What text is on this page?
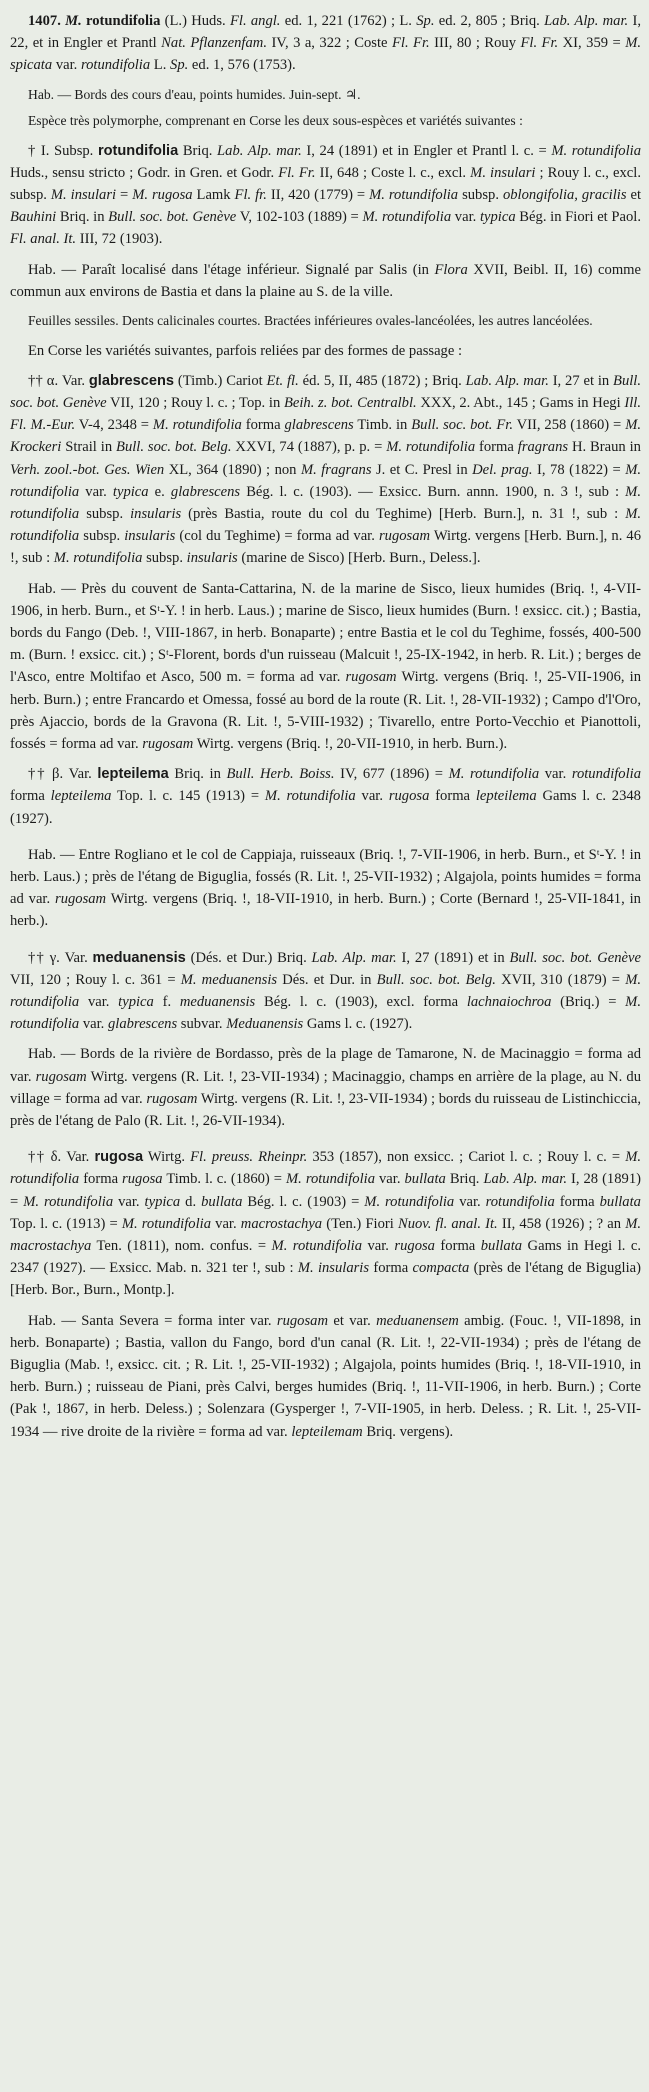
1407. M. rotundifolia (L.) Huds. Fl. angl. ed. 1, 221 (1762) ; L. Sp. ed. 2, 805 ; Briq. Lab. Alp. mar. I, 22, et in Engler et Prantl Nat. Pflanzenfam. IV, 3 a, 322 ; Coste Fl. Fr. III, 80 ; Rouy Fl. Fr. XI, 359 = M. spicata var. rotundifolia L. Sp. ed. 1, 576 (1753).

Hab. — Bords des cours d'eau, points humides. Juin-sept. ♃.

Espèce très polymorphe, comprenant en Corse les deux sous-espèces et variétés suivantes :

† I. Subsp. rotundifolia Briq. Lab. Alp. mar. I, 24 (1891) et in Engler et Prantl l. c. = M. rotundifolia Huds., sensu stricto ; Godr. in Gren. et Godr. Fl. Fr. II, 648 ; Coste l. c., excl. M. insulari ; Rouy l. c., excl. subsp. M. insulari = M. rugosa Lamk Fl. fr. II, 420 (1779) = M. rotundifolia subsp. oblongifolia, gracilis et Bauhini Briq. in Bull. soc. bot. Genève V, 102-103 (1889) = M. rotundifolia var. typica Bég. in Fiori et Paol. Fl. anal. It. III, 72 (1903).

Hab. — Paraît localisé dans l'étage inférieur. Signalé par Salis (in Flora XVII, Beibl. II, 16) comme commun aux environs de Bastia et dans la plaine au S. de la ville.

Feuilles sessiles. Dents calicinales courtes. Bractées inférieures ovales-lancéolées, les autres lancéolées.

En Corse les variétés suivantes, parfois reliées par des formes de passage :

†† α. Var. glabrescens (Timb.) Cariot Et. fl. éd. 5, II, 485 (1872) ; Briq. Lab. Alp. mar. I, 27 et in Bull. soc. bot. Genève VII, 120 ; Rouy l. c. ; Top. in Beih. z. bot. Centralbl. XXX, 2. Abt., 145 ; Gams in Hegi Ill. Fl. M.-Eur. V-4, 2348 = M. rotundifolia forma glabrescens Timb. in Bull. soc. bot. Fr. VII, 258 (1860) = M. Krockeri Strail in Bull. soc. bot. Belg. XXVI, 74 (1887), p. p. = M. rotundifolia forma fragrans H. Braun in Verh. zool.-bot. Ges. Wien XL, 364 (1890) ; non M. fragrans J. et C. Presl in Del. prag. I, 78 (1822) = M. rotundifolia var. typica e. glabrescens Bég. l. c. (1903). — Exsicc. Burn. annn. 1900, n. 3 !, sub : M. rotundifolia subsp. insularis (près Bastia, route du col du Teghime) [Herb. Burn.], n. 31 !, sub : M. rotundifolia subsp. insularis (col du Teghime) = forma ad var. rugosam Wirtg. vergens [Herb. Burn.], n. 46 !, sub : M. rotundifolia subsp. insularis (marine de Sisco) [Herb. Burn., Deless.].

Hab. — Près du couvent de Santa-Cattarina, N. de la marine de Sisco, lieux humides (Briq. !, 4-VII-1906, in herb. Burn., et Sᵗ-Y. ! in herb. Laus.) ; marine de Sisco, lieux humides (Burn. ! exsicc. cit.) ; Bastia, bords du Fango (Deb. !, VIII-1867, in herb. Bonaparte) ; entre Bastia et le col du Teghime, fossés, 400-500 m. (Burn. ! exsicc. cit.) ; Sᵗ-Florent, bords d'un ruisseau (Malcuit !, 25-IX-1942, in herb. R. Lit.) ; berges de l'Asco, entre Moltifao et Asco, 500 m. = forma ad var. rugosam Wirtg. vergens (Briq. !, 25-VII-1906, in herb. Burn.) ; entre Francardo et Omessa, fossé au bord de la route (R. Lit. !, 28-VII-1932) ; Campo d'l'Oro, près Ajaccio, bords de la Gravona (R. Lit. !, 5-VIII-1932) ; Tivarello, entre Porto-Vecchio et Pianottoli, fossés = forma ad var. rugosam Wirtg. vergens (Briq. !, 20-VII-1910, in herb. Burn.).

†† β. Var. lepteilema Briq. in Bull. Herb. Boiss. IV, 677 (1896) = M. rotundifolia var. rotundifolia forma lepteilema Top. l. c. 145 (1913) = M. rotundifolia var. rugosa forma lepteilema Gams l. c. 2348 (1927).

Hab. — Entre Rogliano et le col de Cappiaja, ruisseaux (Briq. !, 7-VII-1906, in herb. Burn., et Sᵗ-Y. ! in herb. Laus.) ; près de l'étang de Biguglia, fossés (R. Lit. !, 25-VII-1932) ; Algajola, points humides = forma ad var. rugosam Wirtg. vergens (Briq. !, 18-VII-1910, in herb. Burn.) ; Corte (Bernard !, 25-VII-1841, in herb.).

†† γ. Var. meduanensis (Dés. et Dur.) Briq. Lab. Alp. mar. I, 27 (1891) et in Bull. soc. bot. Genève VII, 120 ; Rouy l. c. 361 = M. meduanensis Dés. et Dur. in Bull. soc. bot. Belg. XVII, 310 (1879) = M. rotundifolia var. typica f. meduanensis Bég. l. c. (1903), excl. forma lachnaiochroa (Briq.) = M. rotundifolia var. glabrescens subvar. Meduanensis Gams l. c. (1927).

Hab. — Bords de la rivière de Bordasso, près de la plage de Tamarone, N. de Macinaggio = forma ad var. rugosam Wirtg. vergens (R. Lit. !, 23-VII-1934) ; Macinaggio, champs en arrière de la plage, au N. du village = forma ad var. rugosam Wirtg. vergens (R. Lit. !, 23-VII-1934) ; bords du ruisseau de Listinchiccia, près de l'étang de Palo (R. Lit. !, 26-VII-1934).

†† δ. Var. rugosa Wirtg. Fl. preuss. Rheinpr. 353 (1857), non exsicc. ; Cariot l. c. ; Rouy l. c. = M. rotundifolia forma rugosa Timb. l. c. (1860) = M. rotundifolia var. bullata Briq. Lab. Alp. mar. I, 28 (1891) = M. rotundifolia var. typica d. bullata Bég. l. c. (1903) = M. rotundifolia var. rotundifolia forma bullata Top. l. c. (1913) = M. rotundifolia var. macrostachya (Ten.) Fiori Nuov. fl. anal. It. II, 458 (1926) ; ? an M. macrostachya Ten. (1811), nom. confus. = M. rotundifolia var. rugosa forma bullata Gams in Hegi l. c. 2347 (1927). — Exsicc. Mab. n. 321 ter !, sub : M. insularis forma compacta (près de l'étang de Biguglia) [Herb. Bor., Burn., Montp.].

Hab. — Santa Severa = forma inter var. rugosam et var. meduanensem ambig. (Fouc. !, VII-1898, in herb. Bonaparte) ; Bastia, vallon du Fango, bord d'un canal (R. Lit. !, 22-VII-1934) ; près de l'étang de Biguglia (Mab. !, exsicc. cit. ; R. Lit. !, 25-VII-1932) ; Algajola, points humides (Briq. !, 18-VII-1910, in herb. Burn.) ; ruisseau de Piani, près Calvi, berges humides (Briq. !, 11-VII-1906, in herb. Burn.) ; Corte (Pak !, 1867, in herb. Deless.) ; Solenzara (Gysperger !, 7-VII-1905, in herb. Deless. ; R. Lit. !, 25-VII-1934 — rive droite de la rivière = forma ad var. lepteilemam Briq. vergens).
